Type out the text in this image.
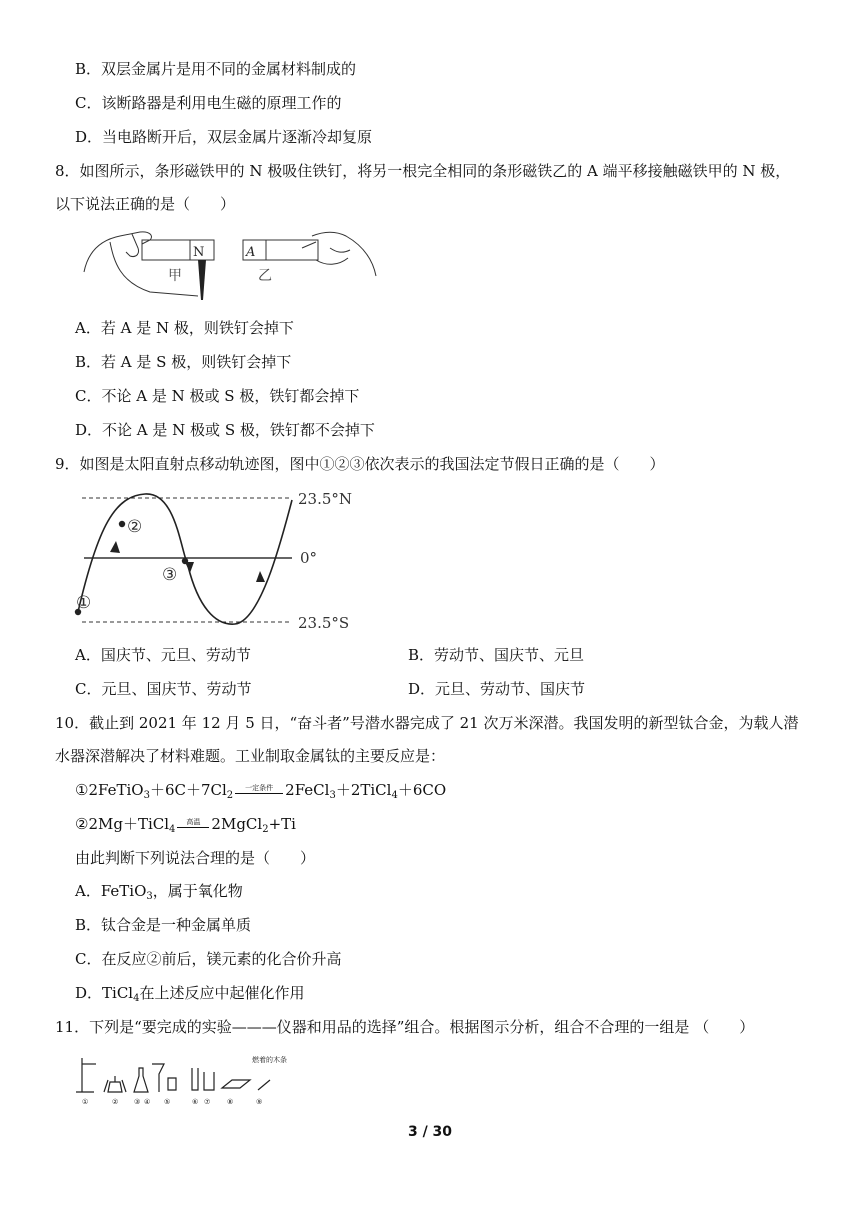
B．双层金属片是用不同的金属材料制成的
C．该断路器是利用电生磁的原理工作的
D．当电路断开后，双层金属片逐渐冷却复原
8．如图所示，条形磁铁甲的 N 极吸住铁钉，将另一根完全相同的条形磁铁乙的 A 端平移接触磁铁甲的 N 极，
以下说法正确的是（　　）
N	A
甲	乙
A．若 A 是 N 极，则铁钉会掉下
B．若 A 是 S 极，则铁钉会掉下
C．不论 A 是 N 极或 S 极，铁钉都会掉下
D．不论 A 是 N 极或 S 极，铁钉都不会掉下
9．如图是太阳直射点移动轨迹图，图中①②③依次表示的我国法定节假日正确的是（　　）
①
②
③
23.5°N
0°
23.5°S
A．国庆节、元旦、劳动节	B．劳动节、国庆节、元旦
C．元旦、国庆节、劳动节	D．元旦、劳动节、国庆节
10．截止到 2021 年 12 月 5 日，“奋斗者”号潜水器完成了 21 次万米深潜。我国发明的新型钛合金，为载人潜
水器深潜解决了材料难题。工业制取金属钛的主要反应是：
$①2FeTiO_3+6C+7Cl_2$
一定条件 2FeCl$_3$＋2TiCl$_4$＋6CO
②2Mg＋TiCl$_4$
高温 2MgCl$_2$+Ti
由此判断下列说法合理的是（　　）
A．FeTiO$_3$，属于氧化物
B．钛合金是一种金属单质
C．在反应②前后，镁元素的化合价升高
D．TiCl$_4$在上述反应中起催化作用
11．下列是“要完成的实验———仪器和用品的选择”组合。根据图示分析，组合不合理的一组是 （　　）
燃着的木条
①	② ③ ④ ⑤	⑥ ⑦ ⑧	⑨
3 / 30
